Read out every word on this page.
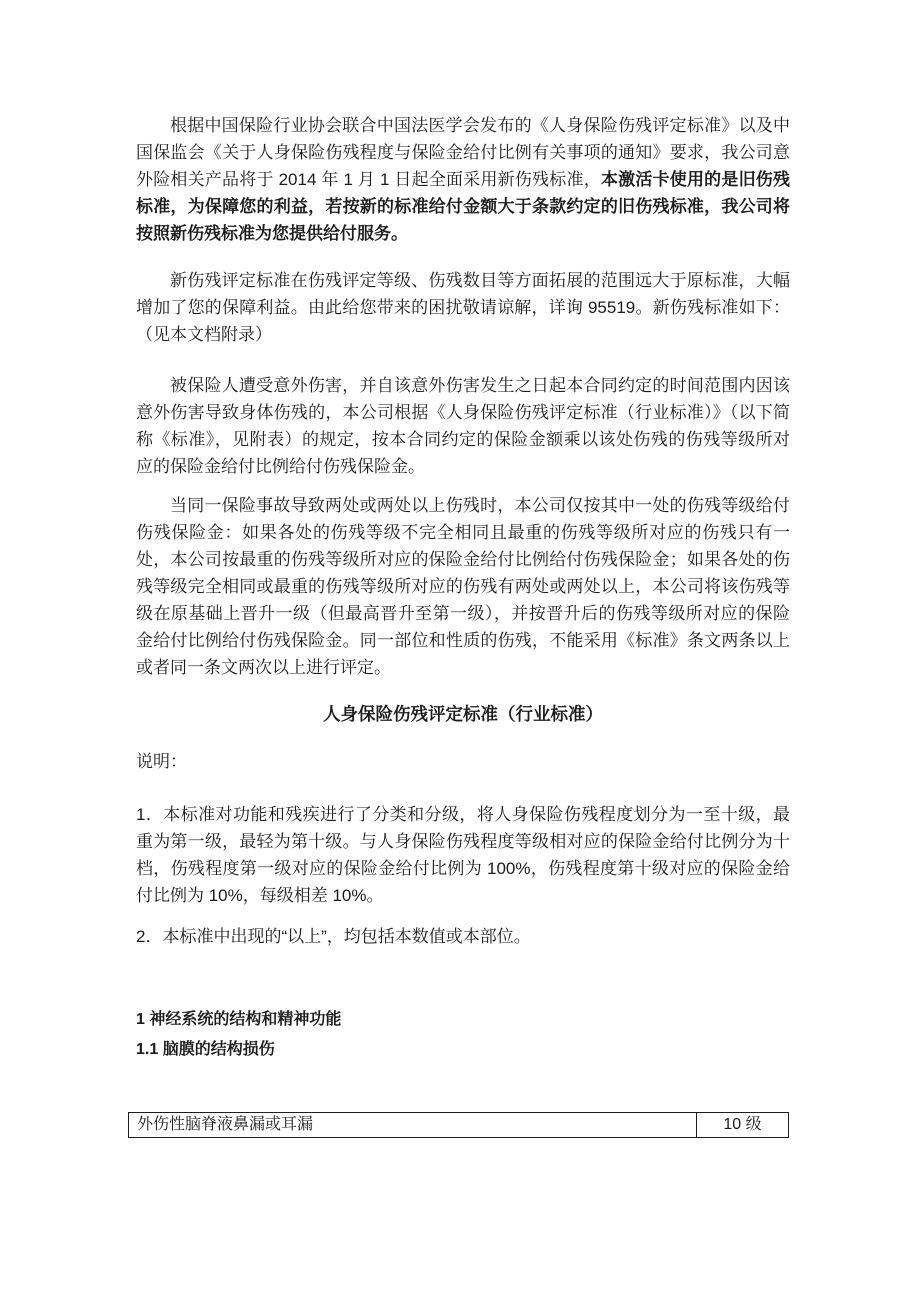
根据中国保险行业协会联合中国法医学会发布的《人身保险伤残评定标准》以及中国保监会《关于人身保险伤残程度与保险金给付比例有关事项的通知》要求，我公司意外险相关产品将于 2014 年 1 月 1 日起全面采用新伤残标准，本激活卡使用的是旧伤残标准，为保障您的利益，若按新的标准给付金额大于条款约定的旧伤残标准，我公司将按照新伤残标准为您提供给付服务。

新伤残评定标准在伤残评定等级、伤残数目等方面拓展的范围远大于原标准，大幅增加了您的保障利益。由此给您带来的困扰敬请谅解，详询 95519。新伤残标准如下：（见本文档附录）

被保险人遭受意外伤害，并自该意外伤害发生之日起本合同约定的时间范围内因该意外伤害导致身体伤残的，本公司根据《人身保险伤残评定标准（行业标准）》（以下简称《标准》，见附表）的规定，按本合同约定的保险金额乘以该处伤残的伤残等级所对应的保险金给付比例给付伤残保险金。

当同一保险事故导致两处或两处以上伤残时，本公司仅按其中一处的伤残等级给付伤残保险金：如果各处的伤残等级不完全相同且最重的伤残等级所对应的伤残只有一处，本公司按最重的伤残等级所对应的保险金给付比例给付伤残保险金；如果各处的伤残等级完全相同或最重的伤残等级所对应的伤残有两处或两处以上，本公司将该伤残等级在原基础上晋升一级（但最高晋升至第一级），并按晋升后的伤残等级所对应的保险金给付比例给付伤残保险金。同一部位和性质的伤残，不能采用《标准》条文两条以上或者同一条文两次以上进行评定。

人身保险伤残评定标准（行业标准）
说明：

1．本标准对功能和残疾进行了分类和分级，将人身保险伤残程度划分为一至十级，最重为第一级，最轻为第十级。与人身保险伤残程度等级相对应的保险金给付比例分为十档，伤残程度第一级对应的保险金给付比例为 100%，伤残程度第十级对应的保险金给付比例为 10%，每级相差 10%。

2．本标准中出现的“以上”，均包括本数值或本部位。

1 神经系统的结构和精神功能
1.1 脑膜的结构损伤
外伤性脑脊液鼻漏或耳漏	10 级
